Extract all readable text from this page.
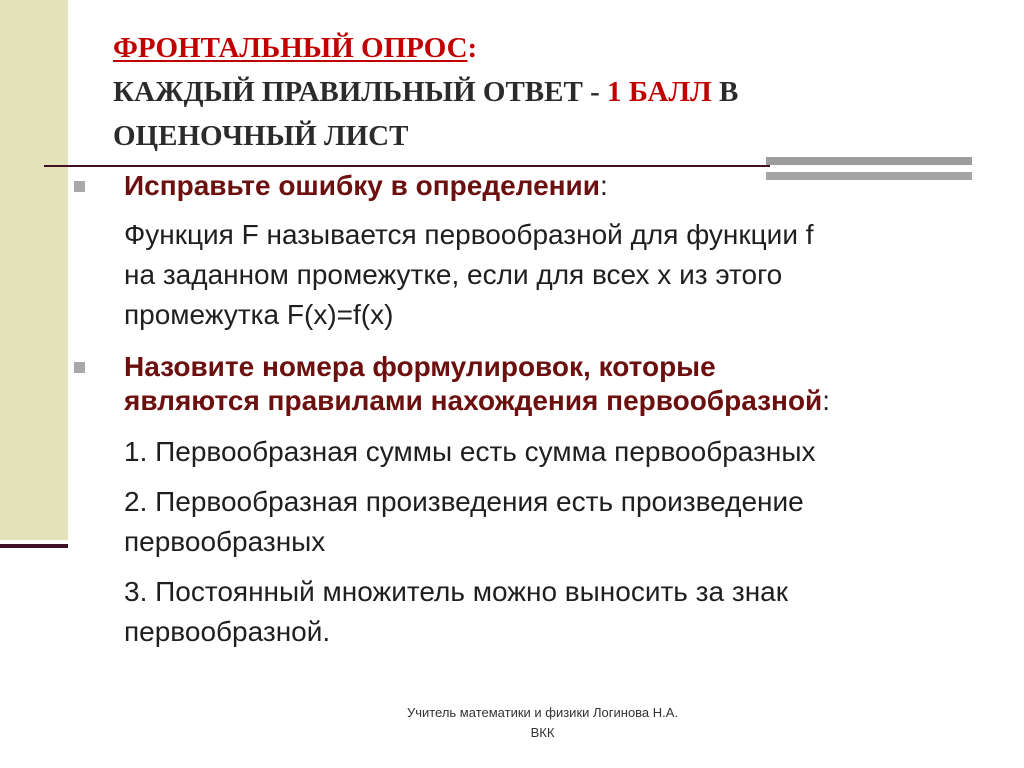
ФРОНТАЛЬНЫЙ ОПРОС:
КАЖДЫЙ ПРАВИЛЬНЫЙ ОТВЕТ - 1 БАЛЛ В
ОЦЕНОЧНЫЙ ЛИСТ
Исправьте ошибку в определении:
Функция F называется первообразной для функции f
на заданном промежутке, если для всех х из этого
промежутка F(x)=f(x)
Назовите номера формулировок, которые
являются правилами нахождения первообразной:
1. Первообразная суммы есть сумма первообразных
2. Первообразная произведения есть произведение
первообразных
3. Постоянный множитель можно выносить за знак
первообразной.
Учитель математики и физики Логинова Н.А.
ВКК
